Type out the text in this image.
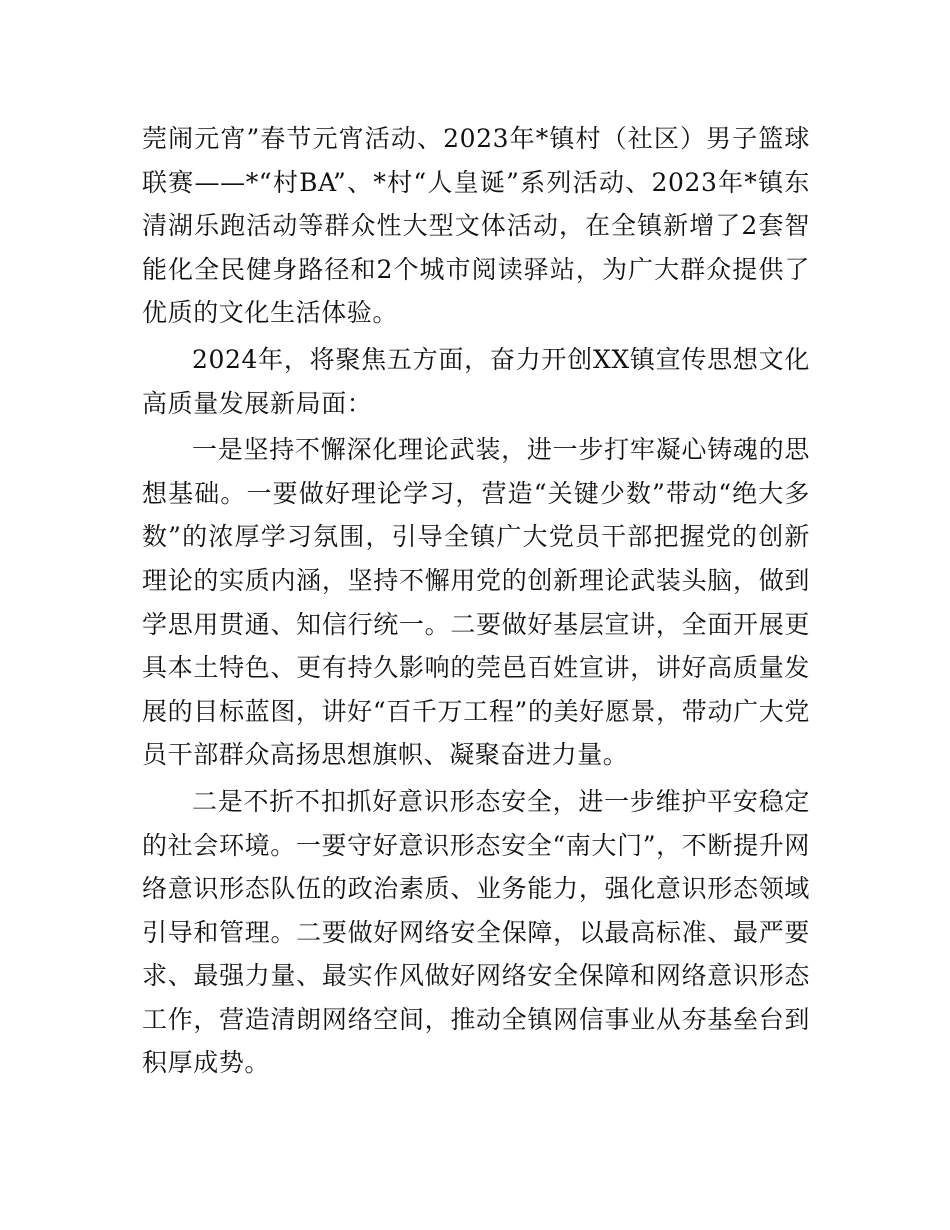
莞闹元宵”春节元宵活动、2023年*镇村（社区）男子篮球联赛——*“村BA”、*村“人皇诞”系列活动、2023年*镇东清湖乐跑活动等群众性大型文体活动，在全镇新增了2套智能化全民健身路径和2个城市阅读驿站，为广大群众提供了优质的文化生活体验。

2024年，将聚焦五方面，奋力开创XX镇宣传思想文化高质量发展新局面：

一是坚持不懈深化理论武装，进一步打牢凝心铸魂的思想基础。一要做好理论学习，营造“关键少数”带动“绝大多数”的浓厚学习氛围，引导全镇广大党员干部把握党的创新理论的实质内涵，坚持不懈用党的创新理论武装头脑，做到学思用贯通、知信行统一。二要做好基层宣讲，全面开展更具本土特色、更有持久影响的莞邑百姓宣讲，讲好高质量发展的目标蓝图，讲好“百千万工程”的美好愿景，带动广大党员干部群众高扬思想旗帜、凝聚奋进力量。

二是不折不扣抓好意识形态安全，进一步维护平安稳定的社会环境。一要守好意识形态安全“南大门”，不断提升网络意识形态队伍的政治素质、业务能力，强化意识形态领域引导和管理。二要做好网络安全保障，以最高标准、最严要求、最强力量、最实作风做好网络安全保障和网络意识形态工作，营造清朗网络空间，推动全镇网信事业从夯基垒台到积厚成势。
